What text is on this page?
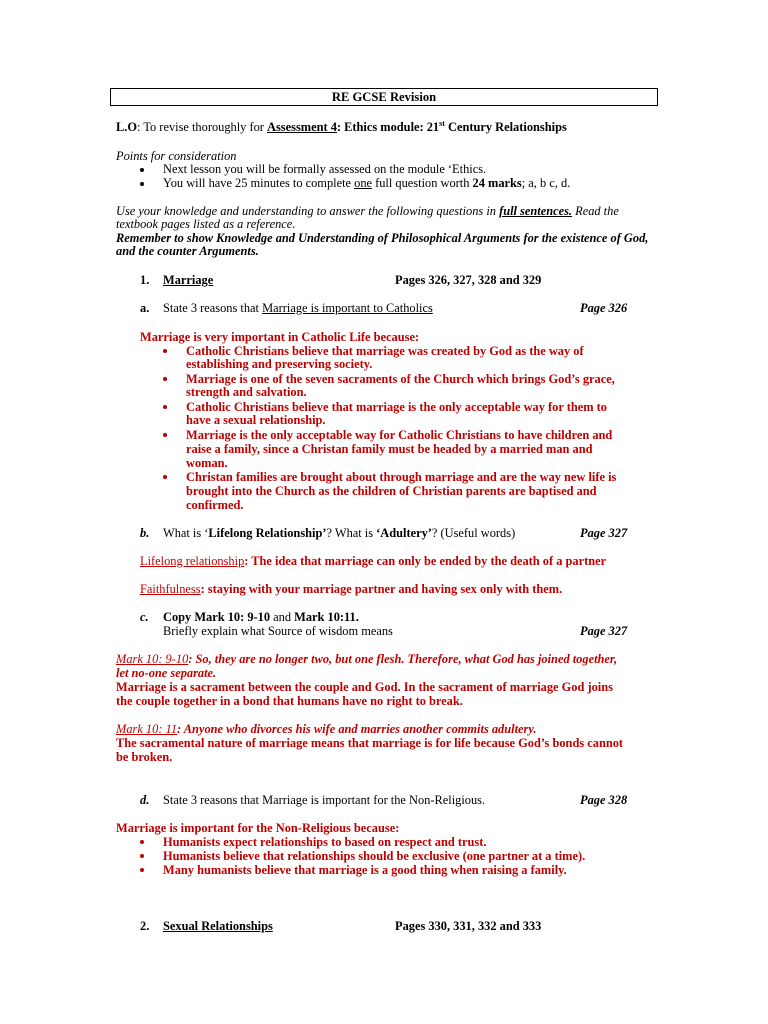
RE GCSE Revision
L.O: To revise thoroughly for Assessment 4: Ethics module: 21st Century Relationships
Points for consideration
Next lesson you will be formally assessed on the module ‘Ethics.
You will have 25 minutes to complete one full question worth 24 marks; a, b c, d.
Use your knowledge and understanding to answer the following questions in full sentences. Read the
textbook pages listed as a reference.
Remember to show Knowledge and Understanding of Philosophical Arguments for the existence of God,
and the counter Arguments.
1. Marriage	Pages 326, 327, 328 and 329
a. State 3 reasons that Marriage is important to Catholics	Page 326
Marriage is very important in Catholic Life because:
Catholic Christians believe that marriage was created by God as the way of
establishing and preserving society.
Marriage is one of the seven sacraments of the Church which brings God’s grace,
strength and salvation.
Catholic Christians believe that marriage is the only acceptable way for them to
have a sexual relationship.
Marriage is the only acceptable way for Catholic Christians to have children and
raise a family, since a Christan family must be headed by a married man and
woman.
Christan families are brought about through marriage and are the way new life is
brought into the Church as the children of Christian parents are baptised and
confirmed.
b. What is ‘Lifelong Relationship’? What is ‘Adultery’? (Useful words)	Page 327
Lifelong relationship: The idea that marriage can only be ended by the death of a partner
Faithfulness: staying with your marriage partner and having sex only with them.
c. Copy Mark 10: 9-10 and Mark 10:11.
Briefly explain what Source of wisdom means	Page 327
Mark 10: 9-10: So, they are no longer two, but one flesh. Therefore, what God has joined together,
let no-one separate.
Marriage is a sacrament between the couple and God. In the sacrament of marriage God joins
the couple together in a bond that humans have no right to break.
Mark 10: 11: Anyone who divorces his wife and marries another commits adultery.
The sacramental nature of marriage means that marriage is for life because God’s bonds cannot
be broken.
d. State 3 reasons that Marriage is important for the Non-Religious.	Page 328
Marriage is important for the Non-Religious because:
Humanists expect relationships to based on respect and trust.
Humanists believe that relationships should be exclusive (one partner at a time).
Many humanists believe that marriage is a good thing when raising a family.
2. Sexual Relationships	Pages 330, 331, 332 and 333
